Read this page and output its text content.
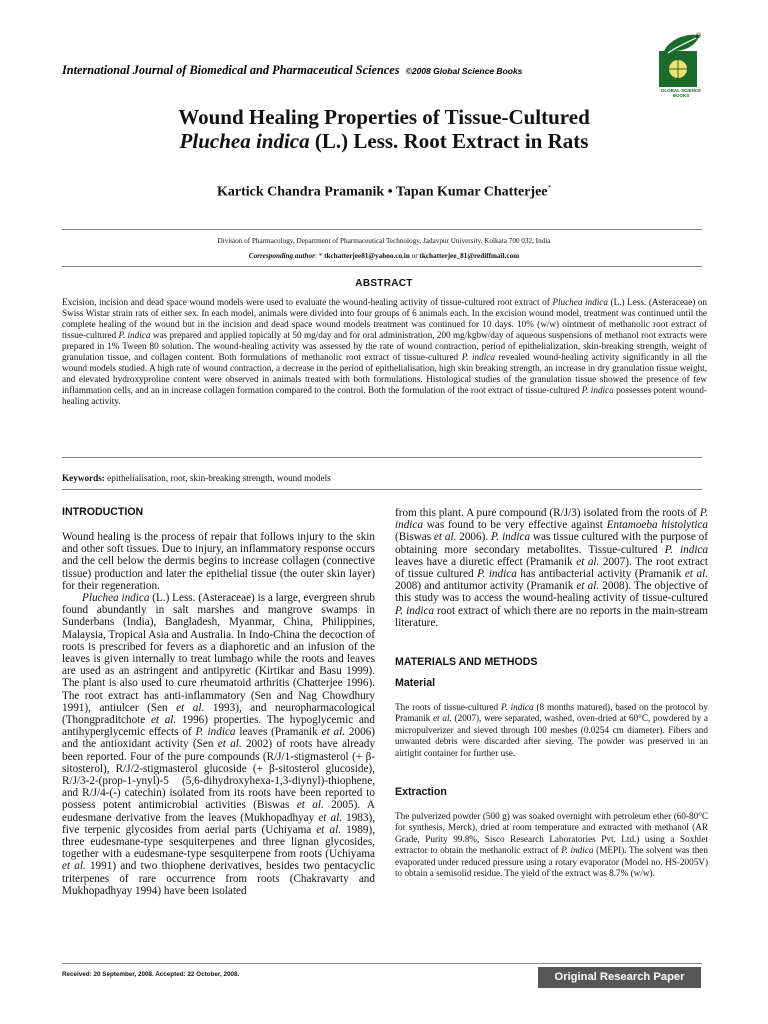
International Journal of Biomedical and Pharmaceutical Sciences ©2008 Global Science Books
®
GLOBAL SCIENCE
BOOKS
Wound Healing Properties of Tissue-Cultured
Pluchea indica (L.) Less. Root Extract in Rats
Kartick Chandra Pramanik • Tapan Kumar Chatterjee*
Division of Pharmacology, Department of Pharmaceutical Technology, Jadavpur University, Kolkata 700 032, India
Corresponding author: * tkchatterjee81@yahoo.co.in or tkchatterjee_81@rediffmail.com
ABSTRACT
Excision, incision and dead space wound models were used to evaluate the wound-healing activity of tissue-cultured root extract of Pluchea indica (L.) Less. (Asteraceae) on Swiss Wistar strain rats of either sex. In each model, animals were divided into four groups of 6 animals each. In the excision wound model, treatment was continued until the complete healing of the wound but in the incision and dead space wound models treatment was continued for 10 days. 10% (w/w) ointment of methanolic root extract of tissue-cultured P. indica was prepared and applied topically at 50 mg/day and for oral administration, 200 mg/kgbw/day of aqueous suspensions of methanol root extracts were prepared in 1% Tween 80 solution. The wound-healing activity was assessed by the rate of wound contraction, period of epithelialization, skin-breaking strength, weight of granulation tissue, and collagen content. Both formulations of methanolic root extract of tissue-cultured P. indica revealed wound-healing activity significantly in all the wound models studied. A high rate of wound contraction, a decrease in the period of epithelialisation, high skin breaking strength, an increase in dry granulation tissue weight, and elevated hydroxyproline content were observed in animals treated with both formulations. Histological studies of the granulation tissue showed the presence of few inflammation cells, and an in increase collagen formation compared to the control. Both the formulation of the root extract of tissue-cultured P. indica possesses potent wound-healing activity.
Keywords: epithelialisation, root, skin-breaking strength, wound models
INTRODUCTION

Wound healing is the process of repair that follows injury to the skin and other soft tissues. Due to injury, an inflammatory response occurs and the cell below the dermis begins to increase collagen (connective tissue) production and later the epithelial tissue (the outer skin layer) for their regeneration.

Pluchea indica (L.) Less. (Asteraceae) is a large, evergreen shrub found abundantly in salt marshes and mangrove swamps in Sunderbans (India), Bangladesh, Myanmar, China, Philippines, Malaysia, Tropical Asia and Australia. In Indo-China the decoction of roots is prescribed for fevers as a diaphoretic and an infusion of the leaves is given internally to treat lumbago while the roots and leaves are used as an astringent and antipyretic (Kirtikar and Basu 1999). The plant is also used to cure rheumatoid arthritis (Chatterjee 1996). The root extract has anti-inflammatory (Sen and Nag Chowdhury 1991), antiulcer (Sen et al. 1993), and neuropharmacological (Thongpraditchote et al. 1996) properties. The hypoglycemic and antihyperglycemic effects of P. indica leaves (Pramanik et al. 2006) and the antioxidant activity (Sen et al. 2002) of roots have already been reported. Four of the pure compounds (R/J/1-stigmasterol (+ β-sitosterol), R/J/2-stigmasterol glucoside (+ β-sitosterol glucoside), R/J/3-2-(prop-1-ynyl)-5 (5,6-dihydroxyhexa-1,3-diynyl)-thiophene, and R/J/4-(-) catechin) isolated from its roots have been reported to possess potent antimicrobial activities (Biswas et al. 2005). A eudesmane derivative from the leaves (Mukhopadhyay et al. 1983), five terpenic glycosides from aerial parts (Uchiyama et al. 1989), three eudesmane-type sesquiterpenes and three lignan glycosides, together with a eudesmane-type sesquiterpene from roots (Uchiyama et al. 1991) and two thiophene derivatives, besides two pentacyclic triterpenes of rare occurrence from roots (Chakravarty and Mukhopadhyay 1994) have been isolated

from this plant. A pure compound (R/J/3) isolated from the roots of P. indica was found to be very effective against Entamoeba histolytica (Biswas et al. 2006). P. indica was tissue cultured with the purpose of obtaining more secondary metabolites. Tissue-cultured P. indica leaves have a diuretic effect (Pramanik et al. 2007). The root extract of tissue cultured P. indica has antibacterial activity (Pramanik et al. 2008) and antitumor activity (Pramanik et al. 2008). The objective of this study was to access the wound-healing activity of tissue-cultured P. indica root extract of which there are no reports in the main-stream literature.
MATERIALS AND METHODS
Material
The roots of tissue-cultured P. indica (8 months matured), based on the protocol by Pramanik et al. (2007), were separated, washed, oven-dried at 60°C, powdered by a micropulverizer and sieved through 100 meshes (0.0254 cm diameter). Fibers and unwanted debris were discarded after sieving. The powder was preserved in an airtight container for further use.
Extraction
The pulverized powder (500 g) was soaked overnight with petroleum ether (60-80°C for synthesis, Merck), dried at room temperature and extracted with methanol (AR Grade, Purity 99.8%, Sisco Research Laboratories Pvt. Ltd.) using a Soxhlet extractor to obtain the methanolic extract of P. indica (MEPI). The solvent was then evaporated under reduced pressure using a rotary evaporator (Model no. HS-2005V) to obtain a semisolid residue. The yield of the extract was 8.7% (w/w).
Received: 20 September, 2008. Accepted: 22 October, 2008.	Original Research Paper
